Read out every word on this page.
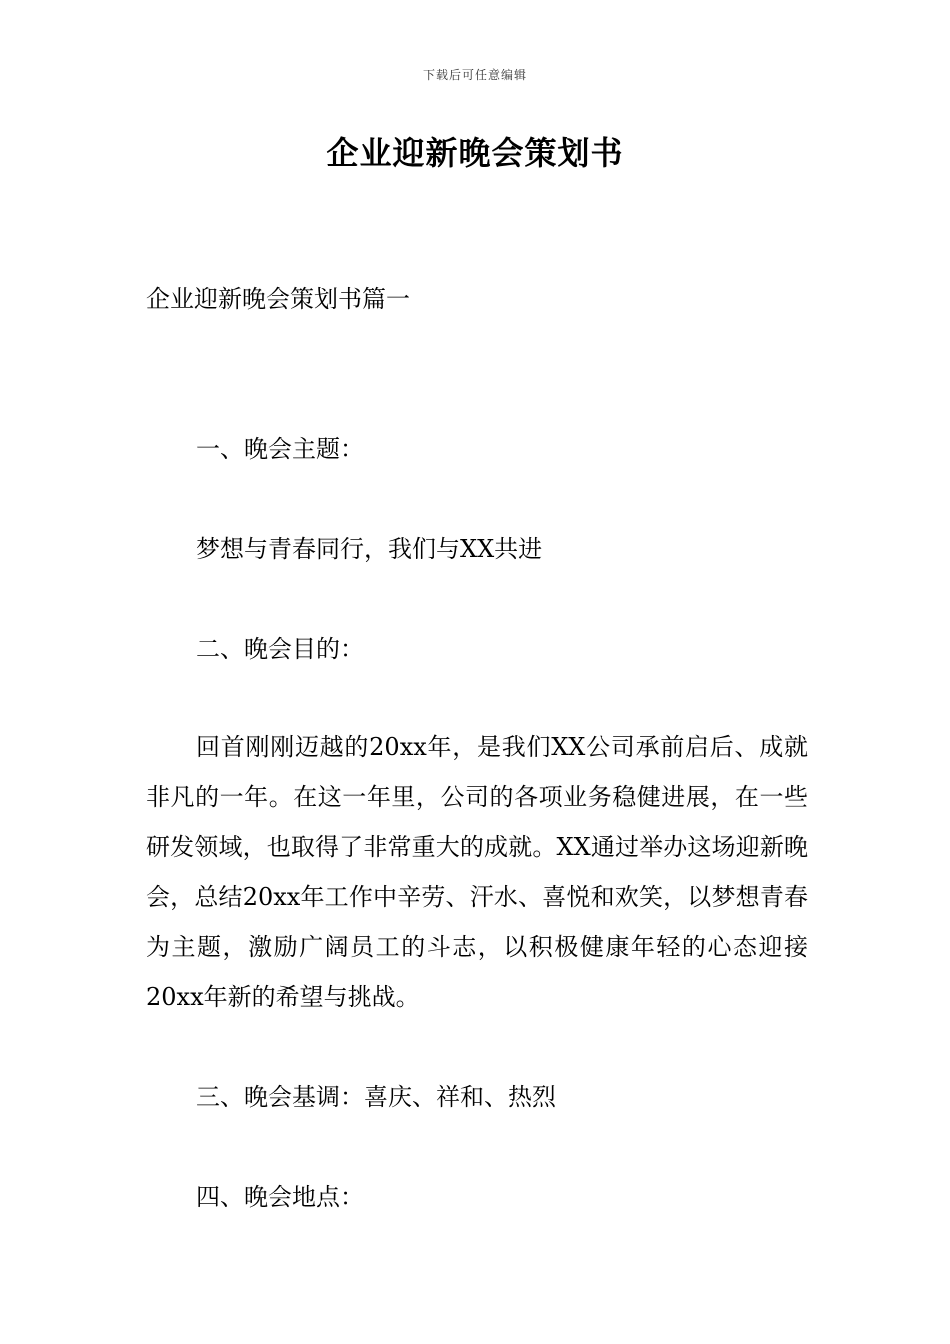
下载后可任意编辑
企业迎新晚会策划书
企业迎新晚会策划书篇一
一、晚会主题：
梦想与青春同行，我们与XX共进
二、晚会目的：
回首刚刚迈越的20xx年，是我们XX公司承前启后、成就非凡的一年。在这一年里，公司的各项业务稳健进展，在一些研发领域，也取得了非常重大的成就。XX通过举办这场迎新晚会，总结20xx年工作中辛劳、汗水、喜悦和欢笑，以梦想青春为主题，激励广阔员工的斗志，以积极健康年轻的心态迎接20xx年新的希望与挑战。
三、晚会基调：喜庆、祥和、热烈
四、晚会地点：
